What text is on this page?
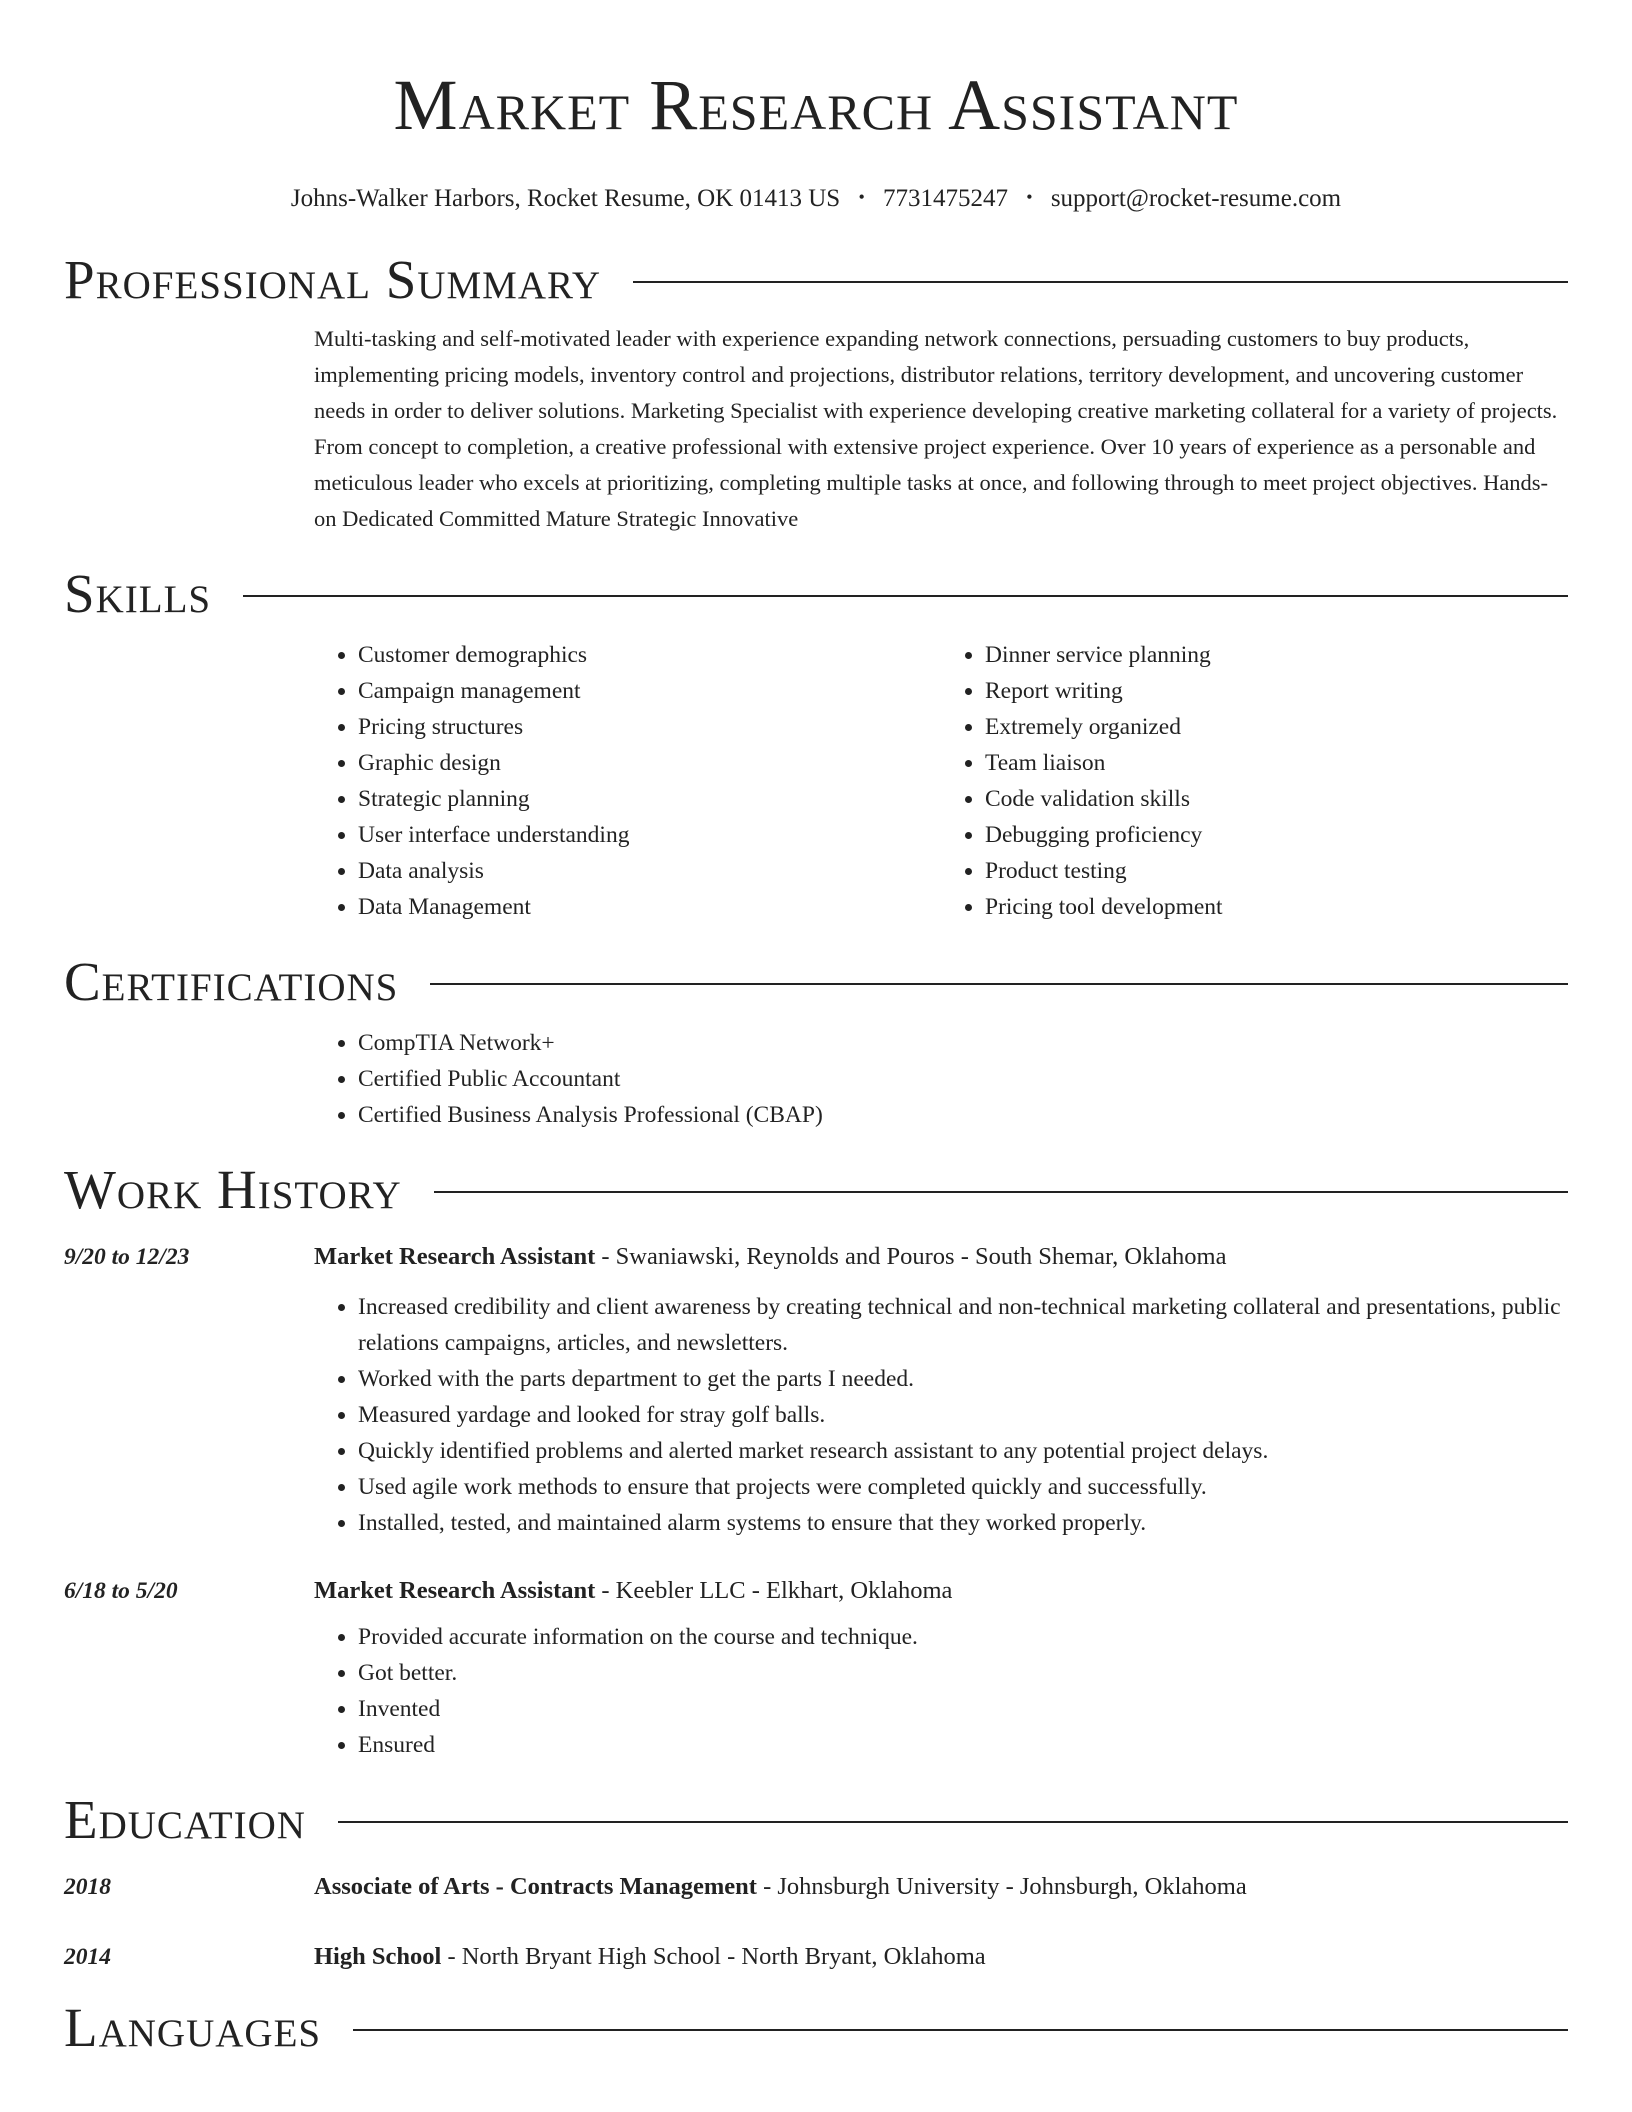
Market Research Assistant
Johns-Walker Harbors, Rocket Resume, OK 01413 US • 7731475247 • support@rocket-resume.com
Professional Summary
Multi-tasking and self-motivated leader with experience expanding network connections, persuading customers to buy products, implementing pricing models, inventory control and projections, distributor relations, territory development, and uncovering customer needs in order to deliver solutions. Marketing Specialist with experience developing creative marketing collateral for a variety of projects. From concept to completion, a creative professional with extensive project experience. Over 10 years of experience as a personable and meticulous leader who excels at prioritizing, completing multiple tasks at once, and following through to meet project objectives. Hands-on Dedicated Committed Mature Strategic Innovative
Skills
• Customer demographics
• Campaign management
• Pricing structures
• Graphic design
• Strategic planning
• User interface understanding
• Data analysis
• Data Management
• Dinner service planning
• Report writing
• Extremely organized
• Team liaison
• Code validation skills
• Debugging proficiency
• Product testing
• Pricing tool development
Certifications
• CompTIA Network+
• Certified Public Accountant
• Certified Business Analysis Professional (CBAP)
Work History
9/20 to 12/23	Market Research Assistant - Swaniawski, Reynolds and Pouros - South Shemar, Oklahoma
• Increased credibility and client awareness by creating technical and non-technical marketing collateral and presentations, public relations campaigns, articles, and newsletters.
• Worked with the parts department to get the parts I needed.
• Measured yardage and looked for stray golf balls.
• Quickly identified problems and alerted market research assistant to any potential project delays.
• Used agile work methods to ensure that projects were completed quickly and successfully.
• Installed, tested, and maintained alarm systems to ensure that they worked properly.
6/18 to 5/20	Market Research Assistant - Keebler LLC - Elkhart, Oklahoma
• Provided accurate information on the course and technique.
• Got better.
• Invented
• Ensured
Education
2018	Associate of Arts - Contracts Management - Johnsburgh University - Johnsburgh, Oklahoma
2014	High School - North Bryant High School - North Bryant, Oklahoma
Languages
